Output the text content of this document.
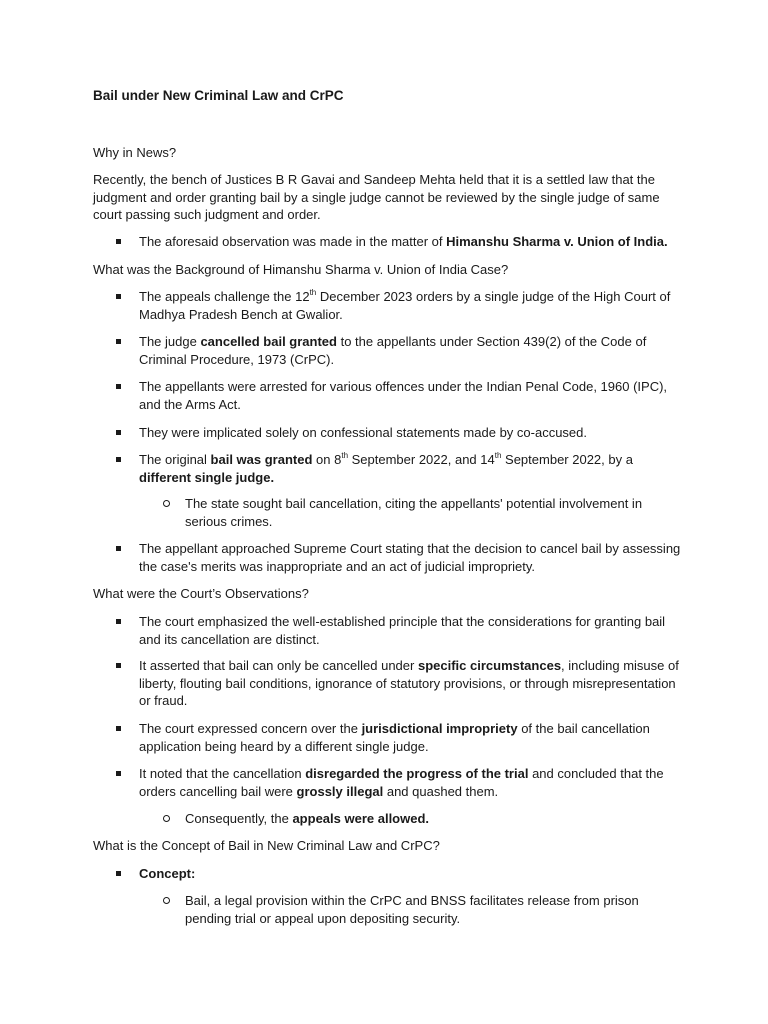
Bail under New Criminal Law and CrPC
Why in News?
Recently, the bench of Justices B R Gavai and Sandeep Mehta held that it is a settled law that the judgment and order granting bail by a single judge cannot be reviewed by the single judge of same court passing such judgment and order.
The aforesaid observation was made in the matter of Himanshu Sharma v. Union of India.
What was the Background of Himanshu Sharma v. Union of India Case?
The appeals challenge the 12th December 2023 orders by a single judge of the High Court of Madhya Pradesh Bench at Gwalior.
The judge cancelled bail granted to the appellants under Section 439(2) of the Code of Criminal Procedure, 1973 (CrPC).
The appellants were arrested for various offences under the Indian Penal Code, 1960 (IPC), and the Arms Act.
They were implicated solely on confessional statements made by co-accused.
The original bail was granted on 8th September 2022, and 14th September 2022, by a different single judge.
The state sought bail cancellation, citing the appellants' potential involvement in serious crimes.
The appellant approached Supreme Court stating that the decision to cancel bail by assessing the case's merits was inappropriate and an act of judicial impropriety.
What were the Court’s Observations?
The court emphasized the well-established principle that the considerations for granting bail and its cancellation are distinct.
It asserted that bail can only be cancelled under specific circumstances, including misuse of liberty, flouting bail conditions, ignorance of statutory provisions, or through misrepresentation or fraud.
The court expressed concern over the jurisdictional impropriety of the bail cancellation application being heard by a different single judge.
It noted that the cancellation disregarded the progress of the trial and concluded that the orders cancelling bail were grossly illegal and quashed them.
Consequently, the appeals were allowed.
What is the Concept of Bail in New Criminal Law and CrPC?
Concept:
Bail, a legal provision within the CrPC and BNSS facilitates release from prison pending trial or appeal upon depositing security.
